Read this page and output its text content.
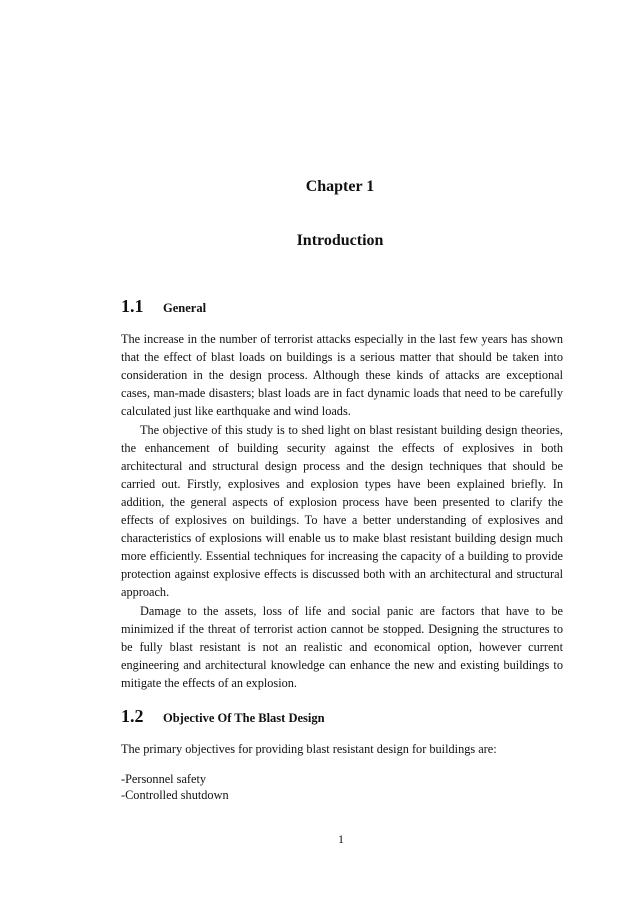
Chapter 1
Introduction
1.1	General

The increase in the number of terrorist attacks especially in the last few years has shown that the effect of blast loads on buildings is a serious matter that should be taken into consideration in the design process. Although these kinds of attacks are exceptional cases, man-made disasters; blast loads are in fact dynamic loads that need to be carefully calculated just like earthquake and wind loads.

The objective of this study is to shed light on blast resistant building design theories, the enhancement of building security against the effects of explosives in both architectural and structural design process and the design techniques that should be carried out. Firstly, explosives and explosion types have been explained briefly. In addition, the general aspects of explosion process have been presented to clarify the effects of explosives on buildings. To have a better understanding of explosives and characteristics of explosions will enable us to make blast resistant building design much more efficiently. Essential techniques for increasing the capacity of a building to provide protection against explosive effects is discussed both with an architectural and structural approach.

Damage to the assets, loss of life and social panic are factors that have to be minimized if the threat of terrorist action cannot be stopped. Designing the structures to be fully blast resistant is not an realistic and economical option, however current engineering and architectural knowledge can enhance the new and existing buildings to mitigate the effects of an explosion.

1.2	Objective Of The Blast Design

The primary objectives for providing blast resistant design for buildings are:

-Personnel safety
-Controlled shutdown
1
